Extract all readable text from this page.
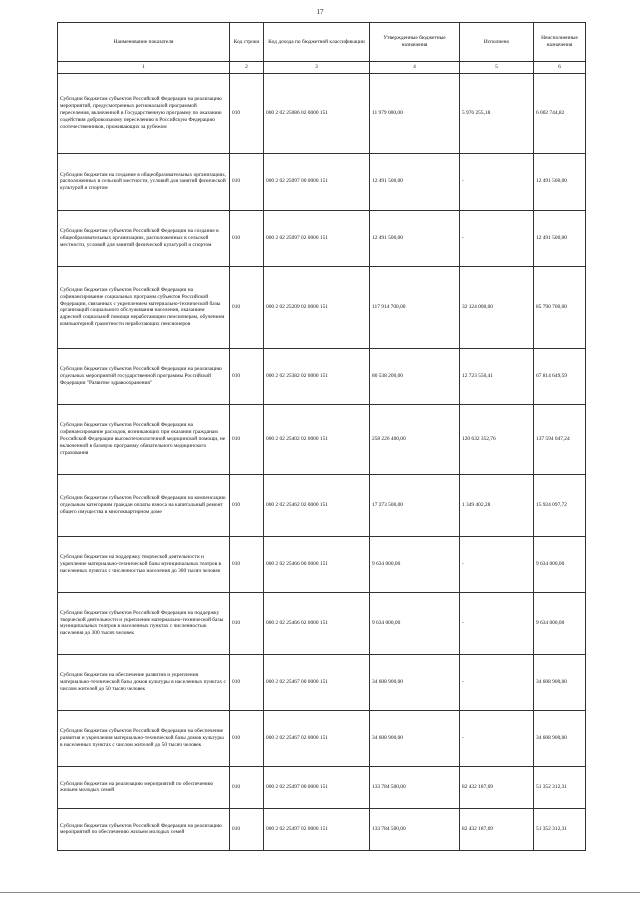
17
Наименование показателя	Код строки	Код дохода по бюджетной классификации	Утвержденные бюджетные назначения	Исполнено	Неисполненные назначения
1	2	3	4	5	6
Субсидии бюджетам субъектов Российской Федерации на реализацию мероприятий, предусмотренных региональной программой переселения, включенной в Государственную программу по оказанию содействия добровольному переселению в Российскую Федерацию соотечественников, проживающих за рубежом	010	000 2 02 25086 02 0000 151	11 979 000,00	5 976 255,18	6 002 744,82
Субсидии бюджетам на создание в общеобразовательных организациях, расположенных в сельской местности, условий для занятий физической культурой и спортом	010	000 2 02 25097 00 0000 151	12 491 500,00	-	12 491 500,00
Субсидии бюджетам субъектов Российской Федерации на создание в общеобразовательных организациях, расположенных в сельской местности, условий для занятий физической культурой и спортом	010	000 2 02 25097 02 0000 151	12 491 500,00	-	12 491 500,00
Субсидии бюджетам субъектов Российской Федерации на софинансирование социальных программ субъектов Российской Федерации, связанных с укреплением материально-технической базы организаций социального обслуживания населения, оказанием адресной социальной помощи неработающим пенсионерам, обучением компьютерной грамотности неработающих пенсионеров	010	000 2 02 25209 02 0000 151	117 914 700,00	32 124 000,00	85 790 700,00
Субсидии бюджетам субъектов Российской Федерации на реализацию отдельных мероприятий государственной программы Российской Федерации "Развитие здравоохранения"	010	000 2 02 25382 02 0000 151	80 538 200,00	12 723 550,41	67 814 649,59
Субсидии бюджетам субъектов Российской Федерации на софинансирование расходов, возникающих при оказании гражданам Российской Федерации высокотехнологичной медицинской помощи, не включенной в базовую программу обязательного медицинского страхования	010	000 2 02 25402 02 0000 151	258 226 400,00	120 632 352,76	137 594 047,24
Субсидии бюджетам субъектов Российской Федерации на компенсацию отдельным категориям граждан оплаты взноса на капитальный ремонт общего имущества в многоквартирном доме	010	000 2 02 25462 02 0000 151	17 273 500,00	1 349 402,28	15 924 097,72
Субсидии бюджетам на поддержку творческой деятельности и укрепление материально-технической базы муниципальных театров в населенных пунктах с численностью населения до 300 тысяч человек	010	000 2 02 25466 00 0000 151	9 634 000,00	-	9 634 000,00
Субсидии бюджетам субъектов Российской Федерации на поддержку творческой деятельности и укрепление материально-технической базы муниципальных театров в населенных пунктах с численностью населения до 300 тысяч человек	010	000 2 02 25466 02 0000 151	9 634 000,00	-	9 634 000,00
Субсидии бюджетам на обеспечение развития и укрепления материально-технической базы домов культуры в населенных пунктах с числом жителей до 50 тысяч человек	010	000 2 02 25467 00 0000 151	34 608 900,00	-	34 608 900,00
Субсидии бюджетам субъектов Российской Федерации на обеспечение развития и укрепления материально-технической базы домов культуры в населенных пунктах с числом жителей до 50 тысяч человек	010	000 2 02 25467 02 0000 151	34 608 900,00	-	34 608 900,00
Субсидии бюджетам на реализацию мероприятий по обеспечению жильем молодых семей	010	000 2 02 25497 00 0000 151	133 784 500,00	82 432 187,69	51 352 312,31
Субсидии бюджетам субъектов Российской Федерации на реализацию мероприятий по обеспечению жильем молодых семей	010	000 2 02 25497 02 0000 151	133 784 500,00	82 432 187,69	51 352 312,31
